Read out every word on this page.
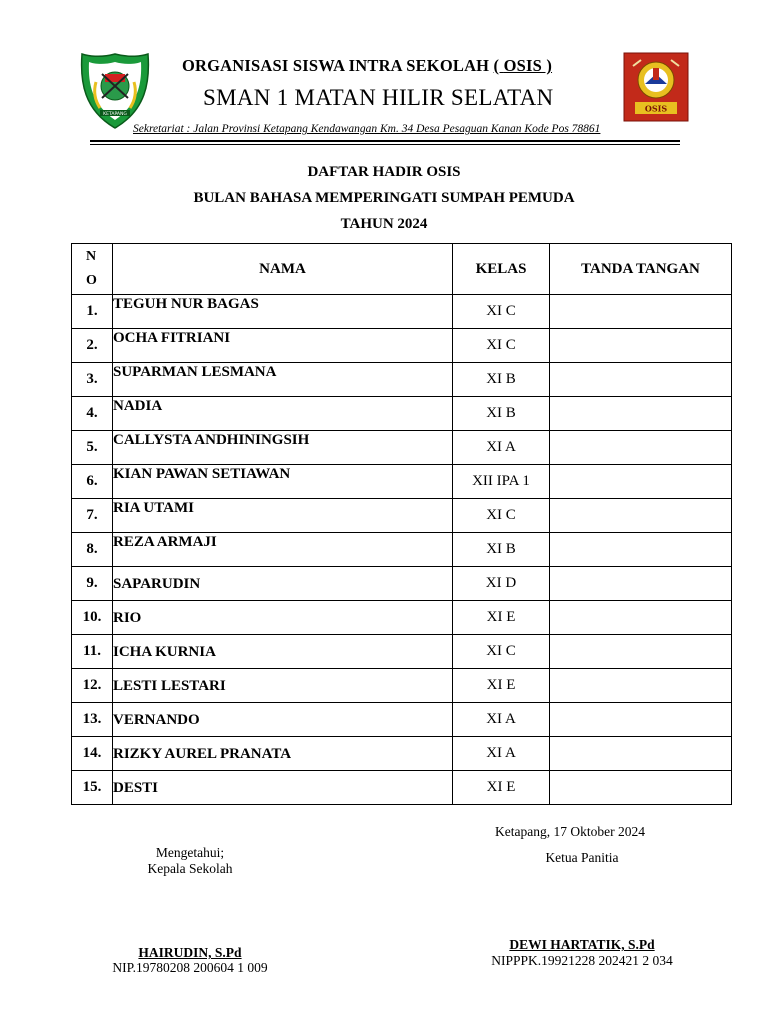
KETAPANG
OSIS
ORGANISASI SISWA INTRA SEKOLAH ( OSIS )
SMAN 1 MATAN HILIR SELATAN
Sekretariat : Jalan Provinsi Ketapang Kendawangan Km. 34 Desa Pesaguan Kanan Kode Pos 78861
DAFTAR HADIR OSIS
BULAN BAHASA MEMPERINGATI SUMPAH PEMUDA
TAHUN 2024
N
O	NAMA	KELAS	TANDA TANGAN
1.	TEGUH NUR BAGAS	XI C	
2.	OCHA FITRIANI	XI C	
3.	SUPARMAN LESMANA	XI B	
4.	NADIA	XI B	
5.	CALLYSTA ANDHININGSIH	XI A	
6.	KIAN PAWAN SETIAWAN	XII IPA 1	
7.	RIA UTAMI	XI C	
8.	REZA ARMAJI	XI B	
9.	SAPARUDIN	XI D	
10.	RIO	XI E	
11.	ICHA KURNIA	XI C	
12.	LESTI LESTARI	XI E	
13.	VERNANDO	XI A	
14.	RIZKY AUREL PRANATA	XI A	
15.	DESTI	XI E	
Ketapang, 17 Oktober 2024
Mengetahui;
Kepala Sekolah
Ketua Panitia
HAIRUDIN, S.Pd
NIP.19780208 200604 1 009
DEWI HARTATIK, S.Pd
NIPPPK.19921228 202421 2 034
